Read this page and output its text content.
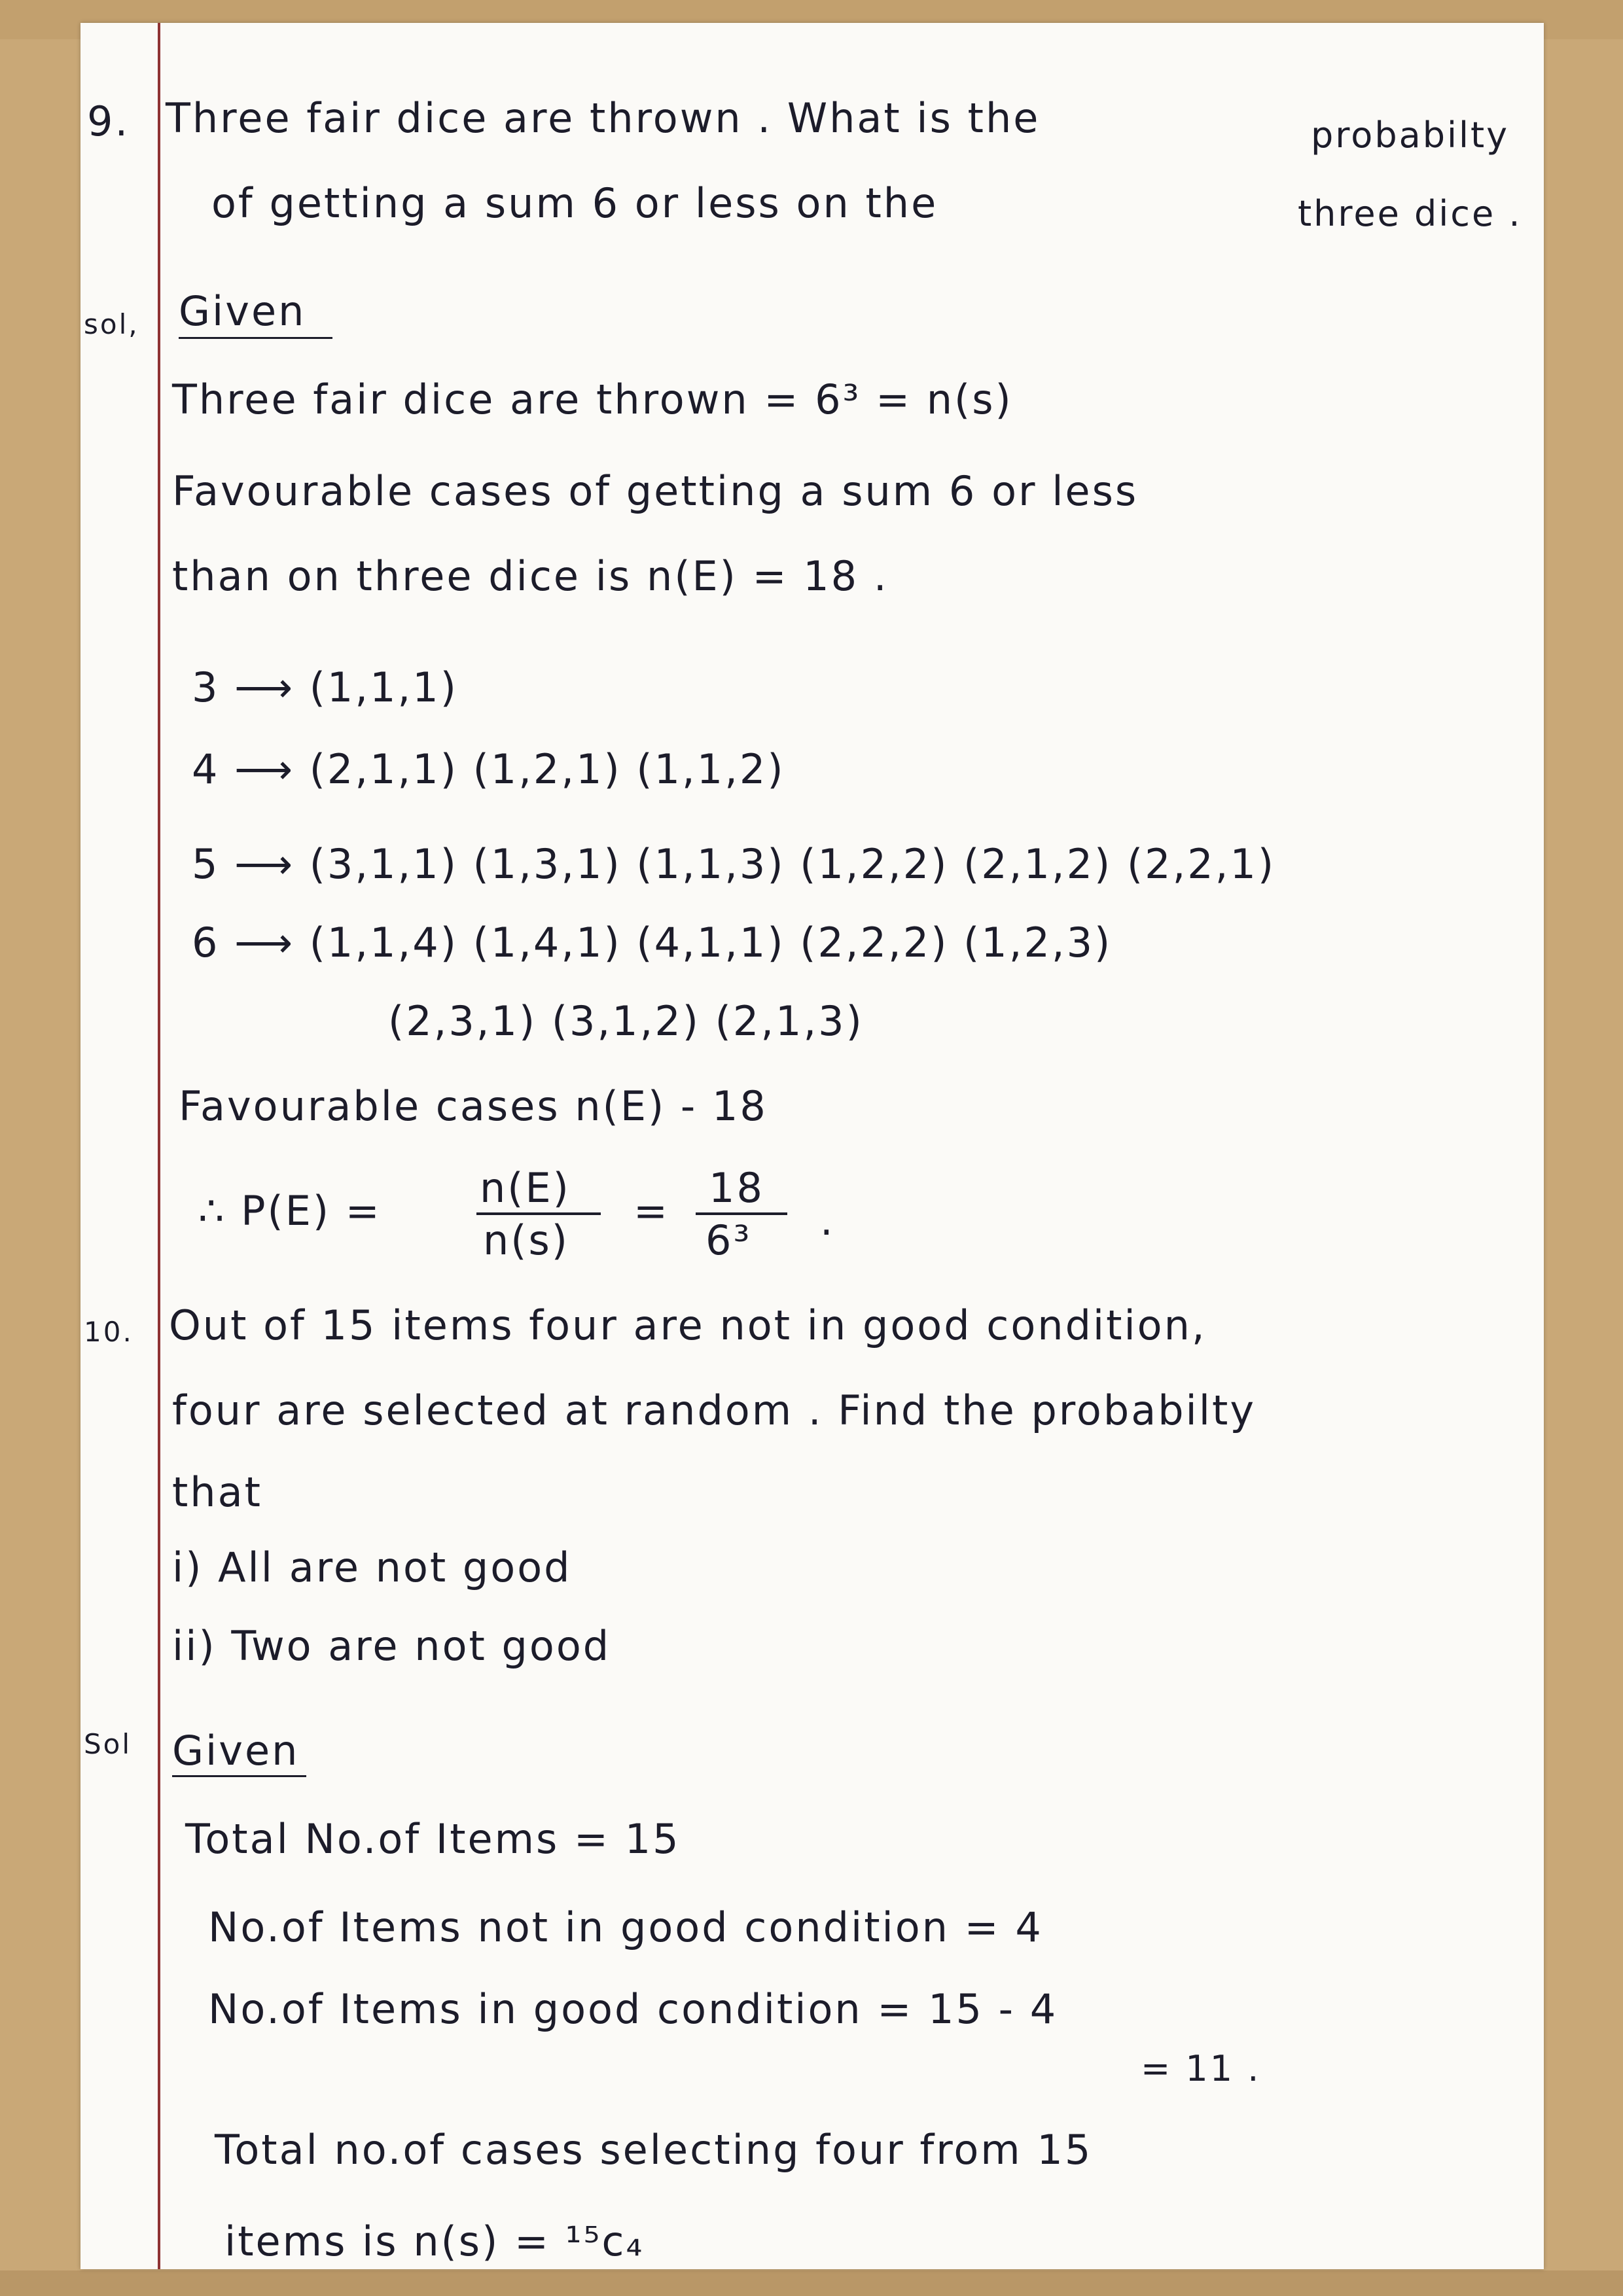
9. Three fair dice are thrown . What is the	probabilty
of getting a sum 6 or less on the	three dice .
sol, Given
Three fair dice are thrown = 6³ = n(s)
Favourable cases of getting a sum 6 or less
than on three dice is n(E) = 18 .
3 ⟶ (1,1,1)
4 ⟶ (2,1,1) (1,2,1) (1,1,2)
5 ⟶ (3,1,1) (1,3,1) (1,1,3) (1,2,2) (2,1,2) (2,2,1)
6 ⟶ (1,1,4) (1,4,1) (4,1,1) (2,2,2) (1,2,3)
(2,3,1) (3,1,2) (2,1,3)
Favourable cases n(E) - 18
∴ P(E) = n(E)
n(s)
= 18
6³ .
10. Out of 15 items four are not in good condition,
four are selected at random . Find the probabilty
that
i) All are not good
ii) Two are not good
Sol Given
Total No.of Items = 15
No.of Items not in good condition = 4
No.of Items in good condition = 15 - 4
= 11 .
Total no.of cases selecting four from 15
items is n(s) = ¹⁵c₄
